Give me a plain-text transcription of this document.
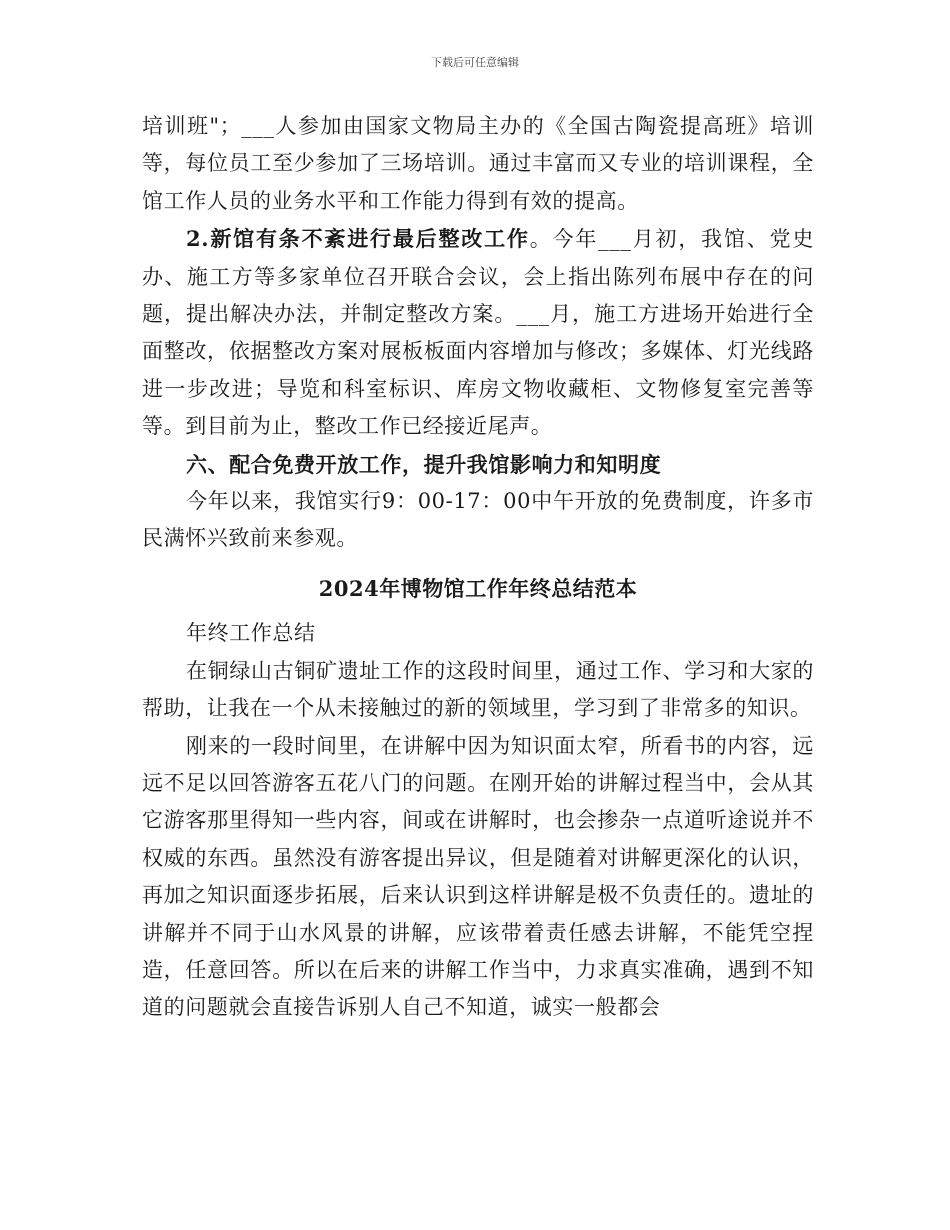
下载后可任意编辑

培训班"；___人参加由国家文物局主办的《全国古陶瓷提高班》培训等，每位员工至少参加了三场培训。通过丰富而又专业的培训课程，全馆工作人员的业务水平和工作能力得到有效的提高。

2.新馆有条不紊进行最后整改工作。今年___月初，我馆、党史办、施工方等多家单位召开联合会议，会上指出陈列布展中存在的问题，提出解决办法，并制定整改方案。___月，施工方进场开始进行全面整改，依据整改方案对展板板面内容增加与修改；多媒体、灯光线路进一步改进；导览和科室标识、库房文物收藏柜、文物修复室完善等等。到目前为止，整改工作已经接近尾声。

六、配合免费开放工作，提升我馆影响力和知明度

今年以来，我馆实行9：00-17：00中午开放的免费制度，许多市民满怀兴致前来参观。

2024年博物馆工作年终总结范本

年终工作总结

在铜绿山古铜矿遗址工作的这段时间里，通过工作、学习和大家的帮助，让我在一个从未接触过的新的领域里，学习到了非常多的知识。

刚来的一段时间里，在讲解中因为知识面太窄，所看书的内容，远远不足以回答游客五花八门的问题。在刚开始的讲解过程当中，会从其它游客那里得知一些内容，间或在讲解时，也会掺杂一点道听途说并不权威的东西。虽然没有游客提出异议，但是随着对讲解更深化的认识，再加之知识面逐步拓展，后来认识到这样讲解是极不负责任的。遗址的讲解并不同于山水风景的讲解，应该带着责任感去讲解，不能凭空捏造，任意回答。所以在后来的讲解工作当中，力求真实准确，遇到不知道的问题就会直接告诉别人自己不知道，诚实一般都会
